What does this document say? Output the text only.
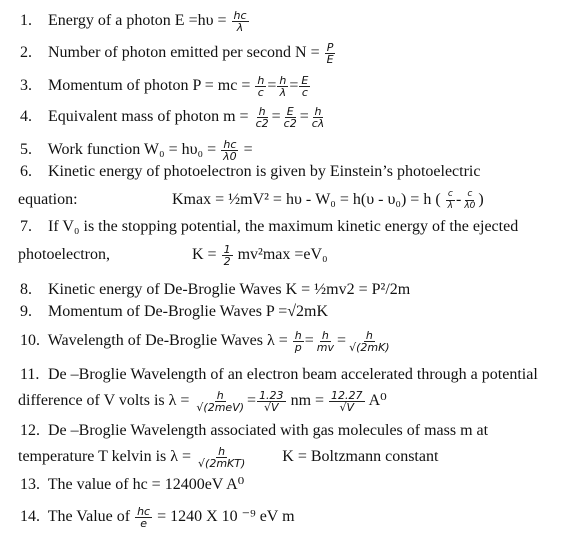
1. Energy of a photon $E =h\upsilon = \frac{hc}{\lambda}$
2. Number of photon emitted per second $N = \frac{P}{E}$
3. Momentum of photon P = mc = $\frac{h}{c} = \frac{h}{\lambda} = \frac{E}{c}$
4. Equivalent mass of photon $m = \frac{h}{c2} = \frac{E}{c2} = \frac{h}{c\lambda}$
5. Work function $W_0 = h\upsilon_0 = \frac{hc}{\lambda 0}$ =
6. Kinetic energy of photoelectron is given by Einstein’s photoelectric
equation:	Kmax = ½mV² = hυ - W₀ = h(υ - υ₀) = h ( $\frac{c}{\lambda} - \frac{c}{\lambda 0}$ )
7. If V₀ is the stopping potential, the maximum kinetic energy of the ejected
photoelectron,	$K = \frac{1}{2} mv^2\max =eV_0$
8. Kinetic energy of De-Broglie Waves K = ½mv2 = P²/2m
9. Momentum of De-Broglie Waves P =√2mK
10. Wavelength of De-Broglie Waves $\lambda = \frac{h}{p} = \frac{h}{mv} = \frac{h}{√(2mK)}$
11. De –Broglie Wavelength of an electron beam accelerated through a potential
difference of V volts is $\lambda = \frac{h}{\text{√(2meV)}} = \frac{1.23}{√V}$ nm = $\frac{12.27}{√V} A^0$
12. De –Broglie Wavelength associated with gas molecules of mass m at
temperature T kelvin is $\lambda = \frac{h}{\text{√(2mKT)}}$ K = Boltzmann constant
13. The value of hc = 12400eV A⁰
14. The Value of $\frac{hc}{e} = 1240$ X 10 ⁻⁹ eV m
